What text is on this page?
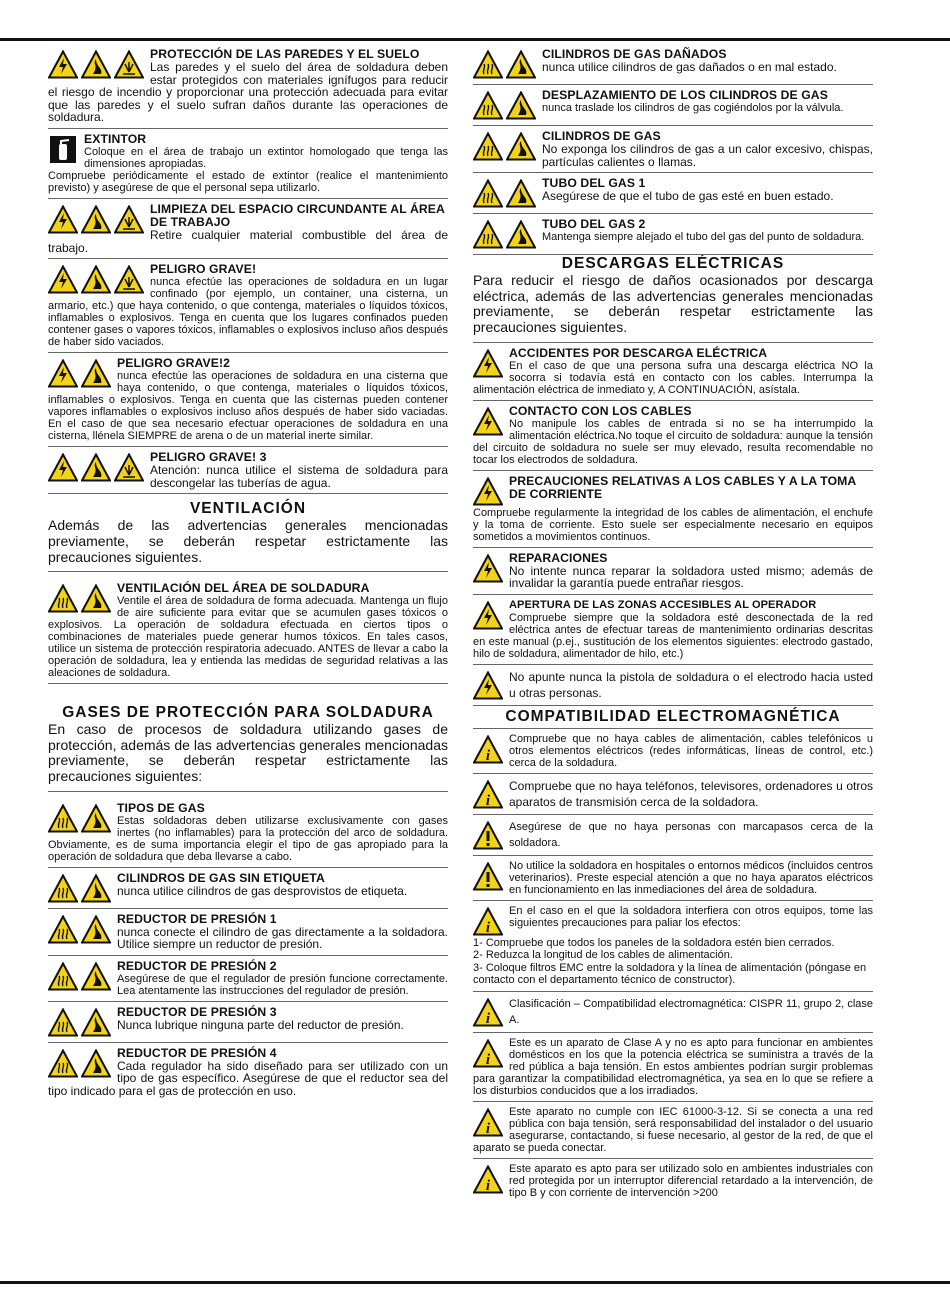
PROTECCIÓN DE LAS PAREDES Y EL SUELO
Las paredes y el suelo del área de soldadura deben estar protegidos con materiales ignífugos para reducir el riesgo de incendio y proporcionar una protección adecuada para evitar que las paredes y el suelo sufran daños durante las operaciones de soldadura.
EXTINTOR
Coloque en el área de trabajo un extintor homologado que tenga las dimensiones apropiadas.
Compruebe periódicamente el estado de extintor (realice el mantenimiento previsto) y asegúrese de que el personal sepa utilizarlo.
LIMPIEZA DEL ESPACIO CIRCUNDANTE AL ÁREA DE TRABAJO
Retire cualquier material combustible del área de trabajo.
PELIGRO GRAVE!
nunca efectúe las operaciones de soldadura en un lugar confinado (por ejemplo, un container, una cisterna, un armario, etc.) que haya contenido, o que contenga, materiales o líquidos tóxicos, inflamables o explosivos. Tenga en cuenta que los lugares confinados pueden contener gases o vapores tóxicos, inflamables o explosivos incluso años después de haber sido vaciados.
PELIGRO GRAVE!2
nunca efectúe las operaciones de soldadura en una cisterna que haya contenido, o que contenga, materiales o líquidos tóxicos, inflamables o explosivos. Tenga en cuenta que las cisternas pueden contener vapores inflamables o explosivos incluso años después de haber sido vaciadas. En el caso de que sea necesario efectuar operaciones de soldadura en una cisterna, llénela SIEMPRE de arena o de un material inerte similar.
PELIGRO GRAVE! 3
Atención: nunca utilice el sistema de soldadura para descongelar las tuberías de agua.
VENTILACIÓN
Además de las advertencias generales mencionadas previamente, se deberán respetar estrictamente las precauciones siguientes.
VENTILACIÓN DEL ÁREA DE SOLDADURA
Ventile el área de soldadura de forma adecuada. Mantenga un flujo de aire suficiente para evitar que se acumulen gases tóxicos o explosivos. La operación de soldadura efectuada en ciertos tipos o combinaciones de materiales puede generar humos tóxicos. En tales casos, utilice un sistema de protección respiratoria adecuado. ANTES de llevar a cabo la operación de soldadura, lea y entienda las medidas de seguridad relativas a las aleaciones de soldadura.
GASES DE PROTECCIÓN PARA SOLDADURA
En caso de procesos de soldadura utilizando gases de protección, además de las advertencias generales mencionadas previamente, se deberán respetar estrictamente las precauciones siguientes:
TIPOS DE GAS
Estas soldadoras deben utilizarse exclusivamente con gases inertes (no inflamables) para la protección del arco de soldadura. Obviamente, es de suma importancia elegir el tipo de gas apropiado para la operación de soldadura que deba llevarse a cabo.
CILINDROS DE GAS SIN ETIQUETA
nunca utilice cilindros de gas desprovistos de etiqueta.
REDUCTOR DE PRESIÓN 1
nunca conecte el cilindro de gas directamente a la soldadora. Utilice siempre un reductor de presión.
REDUCTOR DE PRESIÓN 2
Asegúrese de que el regulador de presión funcione correctamente. Lea atentamente las instrucciones del regulador de presión.
REDUCTOR DE PRESIÓN 3
Nunca lubrique ninguna parte del reductor de presión.
REDUCTOR DE PRESIÓN 4
Cada regulador ha sido diseñado para ser utilizado con un tipo de gas específico. Asegúrese de que el reductor sea del tipo indicado para el gas de protección en uso.
CILINDROS DE GAS DAÑADOS
nunca utilice cilindros de gas dañados o en mal estado.
DESPLAZAMIENTO DE LOS CILINDROS DE GAS
nunca traslade los cilindros de gas cogiéndolos por la válvula.
CILINDROS DE GAS
No exponga los cilindros de gas a un calor excesivo, chispas, partículas calientes o llamas.
TUBO DEL GAS 1
Asegúrese de que el tubo de gas esté en buen estado.
TUBO DEL GAS 2
Mantenga siempre alejado el tubo del gas del punto de soldadura.
DESCARGAS ELÉCTRICAS
Para reducir el riesgo de daños ocasionados por descarga eléctrica, además de las advertencias generales mencionadas previamente, se deberán respetar estrictamente las precauciones siguientes.
ACCIDENTES POR DESCARGA ELÉCTRICA
En el caso de que una persona sufra una descarga eléctrica NO la socorra si todavía está en contacto con los cables. Interrumpa la alimentación eléctrica de inmediato y, A CONTINUACIÓN, asístala.
CONTACTO CON LOS CABLES
No manipule los cables de entrada si no se ha interrumpido la alimentación eléctrica.No toque el circuito de soldadura: aunque la tensión del circuito de soldadura no suele ser muy elevado, resulta recomendable no tocar los electrodos de soldadura.
PRECAUCIONES RELATIVAS A LOS CABLES Y A LA TOMA DE CORRIENTE
Compruebe regularmente la integridad de los cables de alimentación, el enchufe y la toma de corriente. Esto suele ser especialmente necesario en equipos sometidos a movimientos continuos.
REPARACIONES
No intente nunca reparar la soldadora usted mismo; además de invalidar la garantía puede entrañar riesgos.
APERTURA DE LAS ZONAS ACCESIBLES AL OPERADOR
Compruebe siempre que la soldadora esté desconectada de la red eléctrica antes de efectuar tareas de mantenimiento ordinarias descritas en este manual (p.ej., sustitución de los elementos siguientes: electrodo gastado, hilo de soldadura, alimentador de hilo, etc.)
No apunte nunca la pistola de soldadura o el electrodo hacia usted u otras personas.
COMPATIBILIDAD ELECTROMAGNÉTICA
i
Compruebe que no haya cables de alimentación, cables telefónicos u otros elementos eléctricos (redes informáticas, líneas de control, etc.) cerca de la soldadura.
i
Compruebe que no haya teléfonos, televisores, ordenadores u otros aparatos de transmisión cerca de la soldadora.
Asegúrese de que no haya personas con marcapasos cerca de la soldadora.
No utilice la soldadora en hospitales o entornos médicos (incluidos centros veterinarios). Preste especial atención a que no haya aparatos eléctricos en funcionamiento en las inmediaciones del área de soldadura.
i
En el caso en el que la soldadora interfiera con otros equipos, tome las siguientes precauciones para paliar los efectos:
1- Compruebe que todos los paneles de la soldadora estén bien cerrados.
2- Reduzca la longitud de los cables de alimentación.
3- Coloque filtros EMC entre la soldadora y la línea de alimentación (póngase en contacto con el departamento técnico de constructor).
i
Clasificación – Compatibilidad electromagnética: CISPR 11, grupo 2, clase A.
i
Este es un aparato de Clase A y no es apto para funcionar en ambientes domésticos en los que la potencia eléctrica se suministra a través de la red pública a baja tensión. En estos ambientes podrían surgir problemas para garantizar la compatibilidad electromagnética, ya sea en lo que se refiere a los disturbios conducidos que a los irradiados.
i
Este aparato no cumple con IEC 61000-3-12. Si se conecta a una red pública con baja tensión, será responsabilidad del instalador o del usuario asegurarse, contactando, si fuese necesario, al gestor de la red, de que el aparato se pueda conectar.
i
Este aparato es apto para ser utilizado solo en ambientes industriales con red protegida por un interruptor diferencial retardado a la intervención, de tipo B y con corriente de intervención >200
